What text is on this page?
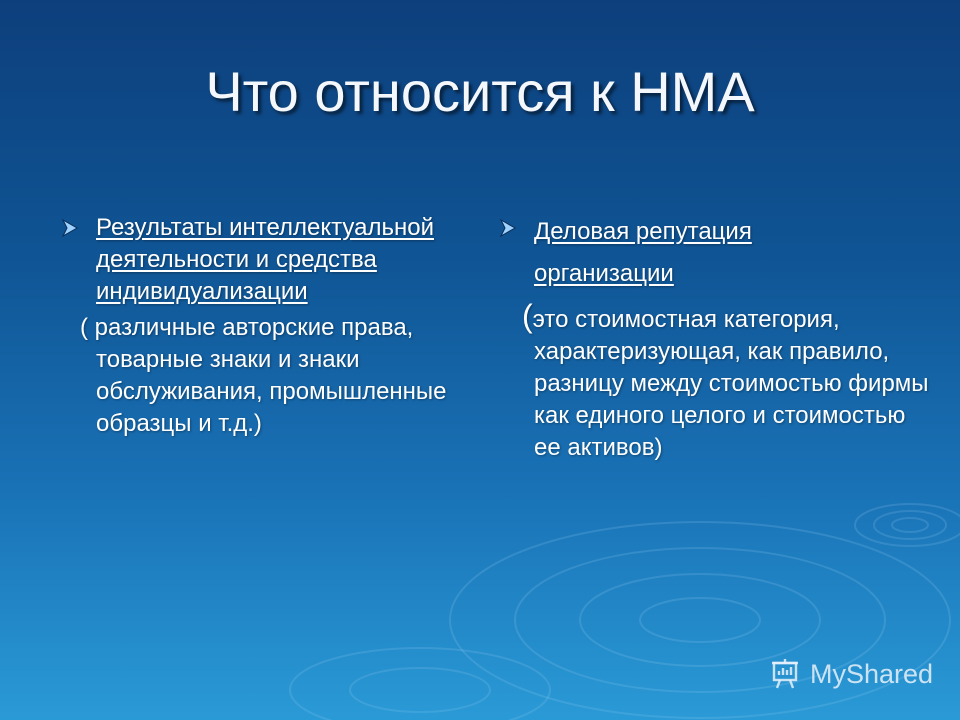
Что относится к НМА
Результаты интеллектуальной деятельности и средства индивидуализации
( различные авторские права, товарные знаки и знаки обслуживания, промышленные образцы и т.д.)
Деловая репутация

организации
(это стоимостная категория, характеризующая, как правило, разницу между стоимостью фирмы как единого целого и стоимостью ее активов)
MyShared
